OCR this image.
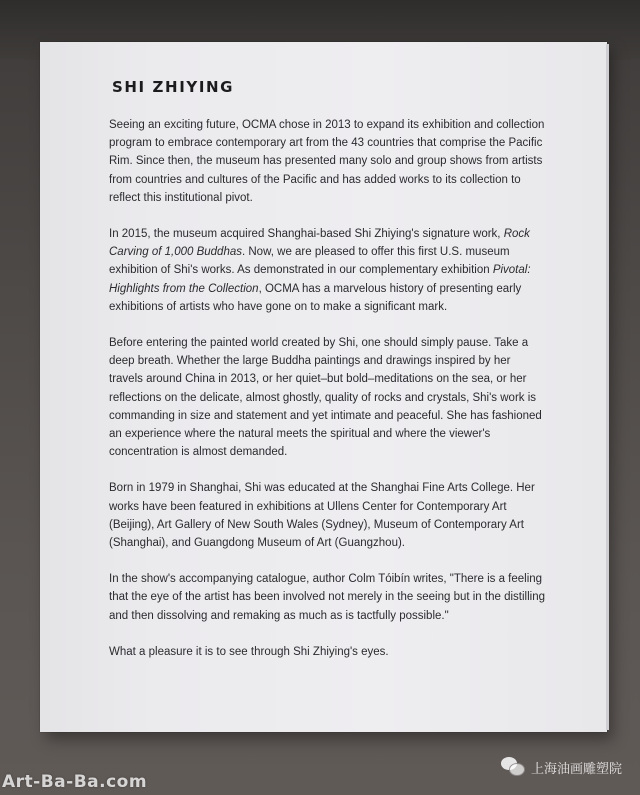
SHI ZHIYING

Seeing an exciting future, OCMA chose in 2013 to expand its exhibition and collection program to embrace contemporary art from the 43 countries that comprise the Pacific Rim. Since then, the museum has presented many solo and group shows from artists from countries and cultures of the Pacific and has added works to its collection to reflect this institutional pivot.

In 2015, the museum acquired Shanghai-based Shi Zhiying's signature work, Rock Carving of 1,000 Buddhas. Now, we are pleased to offer this first U.S. museum exhibition of Shi's works. As demonstrated in our complementary exhibition Pivotal: Highlights from the Collection, OCMA has a marvelous history of presenting early exhibitions of artists who have gone on to make a significant mark.

Before entering the painted world created by Shi, one should simply pause. Take a deep breath. Whether the large Buddha paintings and drawings inspired by her travels around China in 2013, or her quiet–but bold–meditations on the sea, or her reflections on the delicate, almost ghostly, quality of rocks and crystals, Shi's work is commanding in size and statement and yet intimate and peaceful. She has fashioned an experience where the natural meets the spiritual and where the viewer's concentration is almost demanded.

Born in 1979 in Shanghai, Shi was educated at the Shanghai Fine Arts College. Her works have been featured in exhibitions at Ullens Center for Contemporary Art (Beijing), Art Gallery of New South Wales (Sydney), Museum of Contemporary Art (Shanghai), and Guangdong Museum of Art (Guangzhou).

In the show's accompanying catalogue, author Colm Tóibín writes, "There is a feeling that the eye of the artist has been involved not merely in the seeing but in the distilling and then dissolving and remaking as much as is tactfully possible."

What a pleasure it is to see through Shi Zhiying's eyes.

Art-Ba-Ba.com
上海油画雕塑院
